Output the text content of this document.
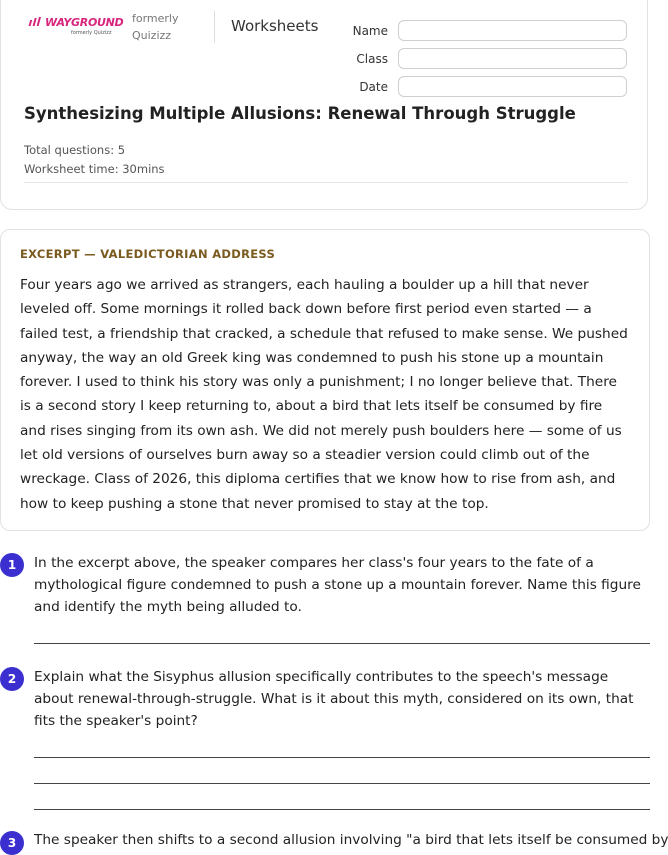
WAYGROUND
formerly Quizizz
formerly Quizizz
Worksheets	Name
Class
Date
Synthesizing Multiple Allusions: Renewal Through Struggle
Total questions: 5
Worksheet time: 30mins
EXCERPT — VALEDICTORIAN ADDRESS

Four years ago we arrived as strangers, each hauling a boulder up a hill that never leveled off. Some mornings it rolled back down before first period even started — a failed test, a friendship that cracked, a schedule that refused to make sense. We pushed anyway, the way an old Greek king was condemned to push his stone up a mountain forever. I used to think his story was only a punishment; I no longer believe that. There is a second story I keep returning to, about a bird that lets itself be consumed by fire and rises singing from its own ash. We did not merely push boulders here — some of us let old versions of ourselves burn away so a steadier version could climb out of the wreckage. Class of 2026, this diploma certifies that we know how to rise from ash, and how to keep pushing a stone that never promised to stay at the top.

1	In the excerpt above, the speaker compares her class's four years to the fate of a mythological figure condemned to push a stone up a mountain forever. Name this figure and identify the myth being alluded to.

2	Explain what the Sisyphus allusion specifically contributes to the speech's message about renewal-through-struggle. What is it about this myth, considered on its own, that fits the speaker's point?

3	The speaker then shifts to a second allusion involving "a bird that lets itself be consumed by
